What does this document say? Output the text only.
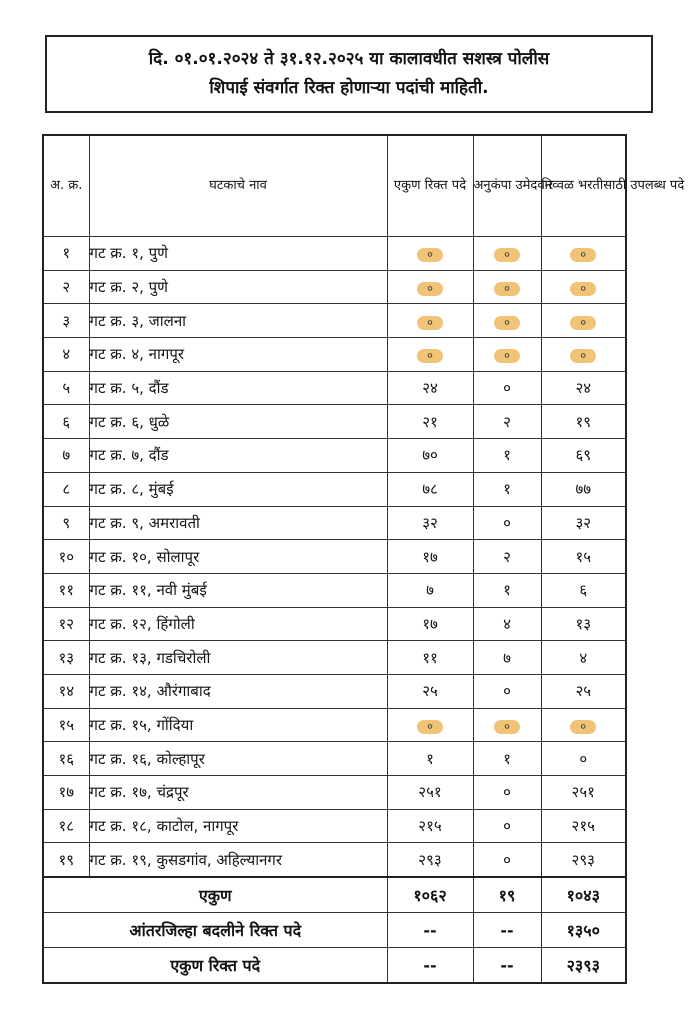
दि. ०१.०१.२०२४ ते ३१.१२.२०२५ या कालावधीत सशस्त्र पोलीस
शिपाई संवर्गात रिक्त होणाऱ्या पदांची माहिती.
अ. क्र.	घटकाचे नाव	एकुण रिक्त पदे	अनुकंपा उमेदवार	निव्वळ भरतीसाठी उपलब्ध पदे
१	गट क्र. १, पुणे	०	०	०
२	गट क्र. २, पुणे	०	०	०
३	गट क्र. ३, जालना	०	०	०
४	गट क्र. ४, नागपूर	०	०	०
५	गट क्र. ५, दौंड	२४	०	२४
६	गट क्र. ६, धुळे	२१	२	१९
७	गट क्र. ७, दौंड	७०	१	६९
८	गट क्र. ८, मुंबई	७८	१	७७
९	गट क्र. ९, अमरावती	३२	०	३२
१०	गट क्र. १०, सोलापूर	१७	२	१५
११	गट क्र. ११, नवी मुंबई	७	१	६
१२	गट क्र. १२, हिंगोली	१७	४	१३
१३	गट क्र. १३, गडचिरोली	११	७	४
१४	गट क्र. १४, औरंगाबाद	२५	०	२५
१५	गट क्र. १५, गोंदिया	०	०	०
१६	गट क्र. १६, कोल्हापूर	१	१	०
१७	गट क्र. १७, चंद्रपूर	२५१	०	२५१
१८	गट क्र. १८, काटोल, नागपूर	२१५	०	२१५
१९	गट क्र. १९, कुसडगांव, अहिल्यानगर	२९३	०	२९३
एकुण		१०६२	१९	१०४३
आंतरजिल्हा बदलीने रिक्त पदे		--	--	१३५०
एकुण रिक्त पदे		--	--	२३९३
